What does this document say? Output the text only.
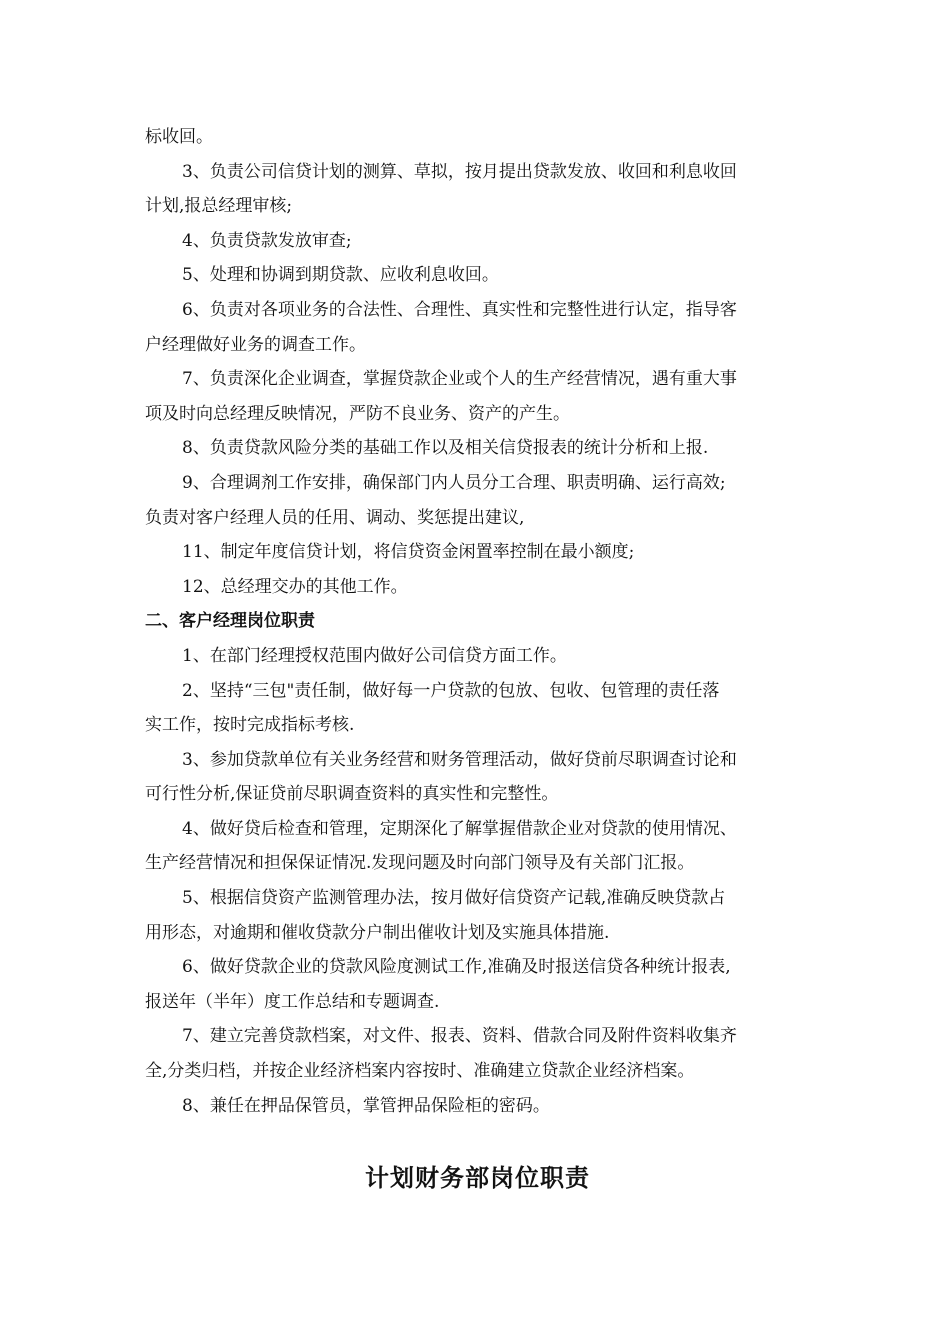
标收回。
3、负责公司信贷计划的测算、草拟，按月提出贷款发放、收回和利息收回
计划,报总经理审核;
4、负责贷款发放审查;
5、处理和协调到期贷款、应收利息收回。
6、负责对各项业务的合法性、合理性、真实性和完整性进行认定，指导客
户经理做好业务的调查工作。
7、负责深化企业调查，掌握贷款企业或个人的生产经营情况，遇有重大事
项及时向总经理反映情况，严防不良业务、资产的产生。
8、负责贷款风险分类的基础工作以及相关信贷报表的统计分析和上报.
9、合理调剂工作安排，确保部门内人员分工合理、职责明确、运行高效;
负责对客户经理人员的任用、调动、奖惩提出建议,
11、制定年度信贷计划，将信贷资金闲置率控制在最小额度;
12、总经理交办的其他工作。
二、客户经理岗位职责
1、在部门经理授权范围内做好公司信贷方面工作。
2、坚持“三包"责任制，做好每一户贷款的包放、包收、包管理的责任落
实工作，按时完成指标考核.
3、参加贷款单位有关业务经营和财务管理活动，做好贷前尽职调查讨论和
可行性分析,保证贷前尽职调查资料的真实性和完整性。
4、做好贷后检查和管理，定期深化了解掌握借款企业对贷款的使用情况、
生产经营情况和担保保证情况.发现问题及时向部门领导及有关部门汇报。
5、根据信贷资产监测管理办法，按月做好信贷资产记载,准确反映贷款占
用形态，对逾期和催收贷款分户制出催收计划及实施具体措施.
6、做好贷款企业的贷款风险度测试工作,准确及时报送信贷各种统计报表,
报送年（半年）度工作总结和专题调查.
7、建立完善贷款档案，对文件、报表、资料、借款合同及附件资料收集齐
全,分类归档，并按企业经济档案内容按时、准确建立贷款企业经济档案。
8、兼任在押品保管员，掌管押品保险柜的密码。
计划财务部岗位职责
